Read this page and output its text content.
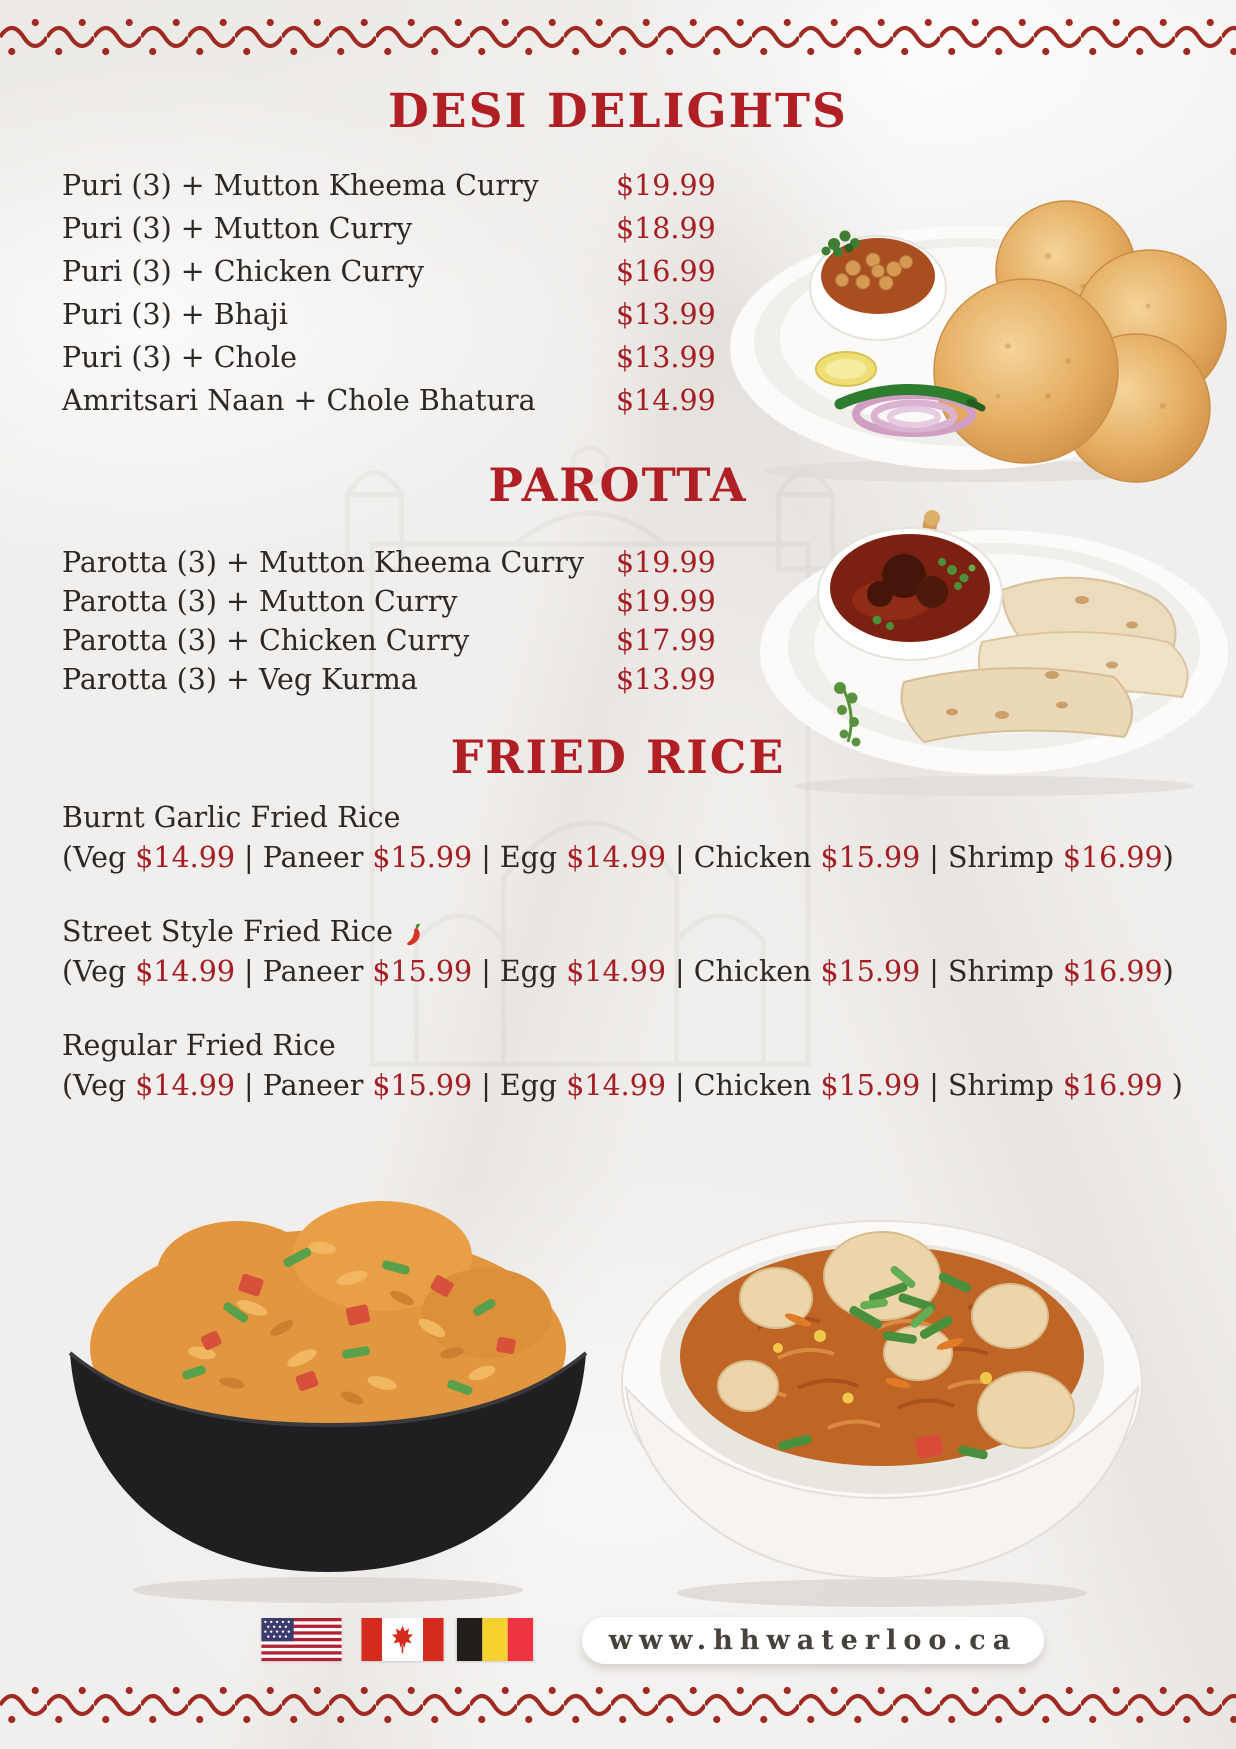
DESI DELIGHTS
Puri (3) + Mutton Kheema Curry	$19.99
Puri (3) + Mutton Curry	$18.99
Puri (3) + Chicken Curry	$16.99
Puri (3) + Bhaji	$13.99
Puri (3) + Chole	$13.99
Amritsari Naan + Chole Bhatura	$14.99
PAROTTA
Parotta (3) + Mutton Kheema Curry $19.99
Parotta (3) + Mutton Curry	$19.99
Parotta (3) + Chicken Curry	$17.99
Parotta (3) + Veg Kurma	$13.99
FRIED RICE
Burnt Garlic Fried Rice
(Veg $14.99 | Paneer $15.99 | Egg $14.99 | Chicken $15.99 | Shrimp $16.99)
Street Style Fried Rice
(Veg $14.99 | Paneer $15.99 | Egg $14.99 | Chicken $15.99 | Shrimp $16.99)
Regular Fried Rice
(Veg $14.99 | Paneer $15.99 | Egg $14.99 | Chicken $15.99 | Shrimp $16.99 )
www.hhwaterloo.ca
